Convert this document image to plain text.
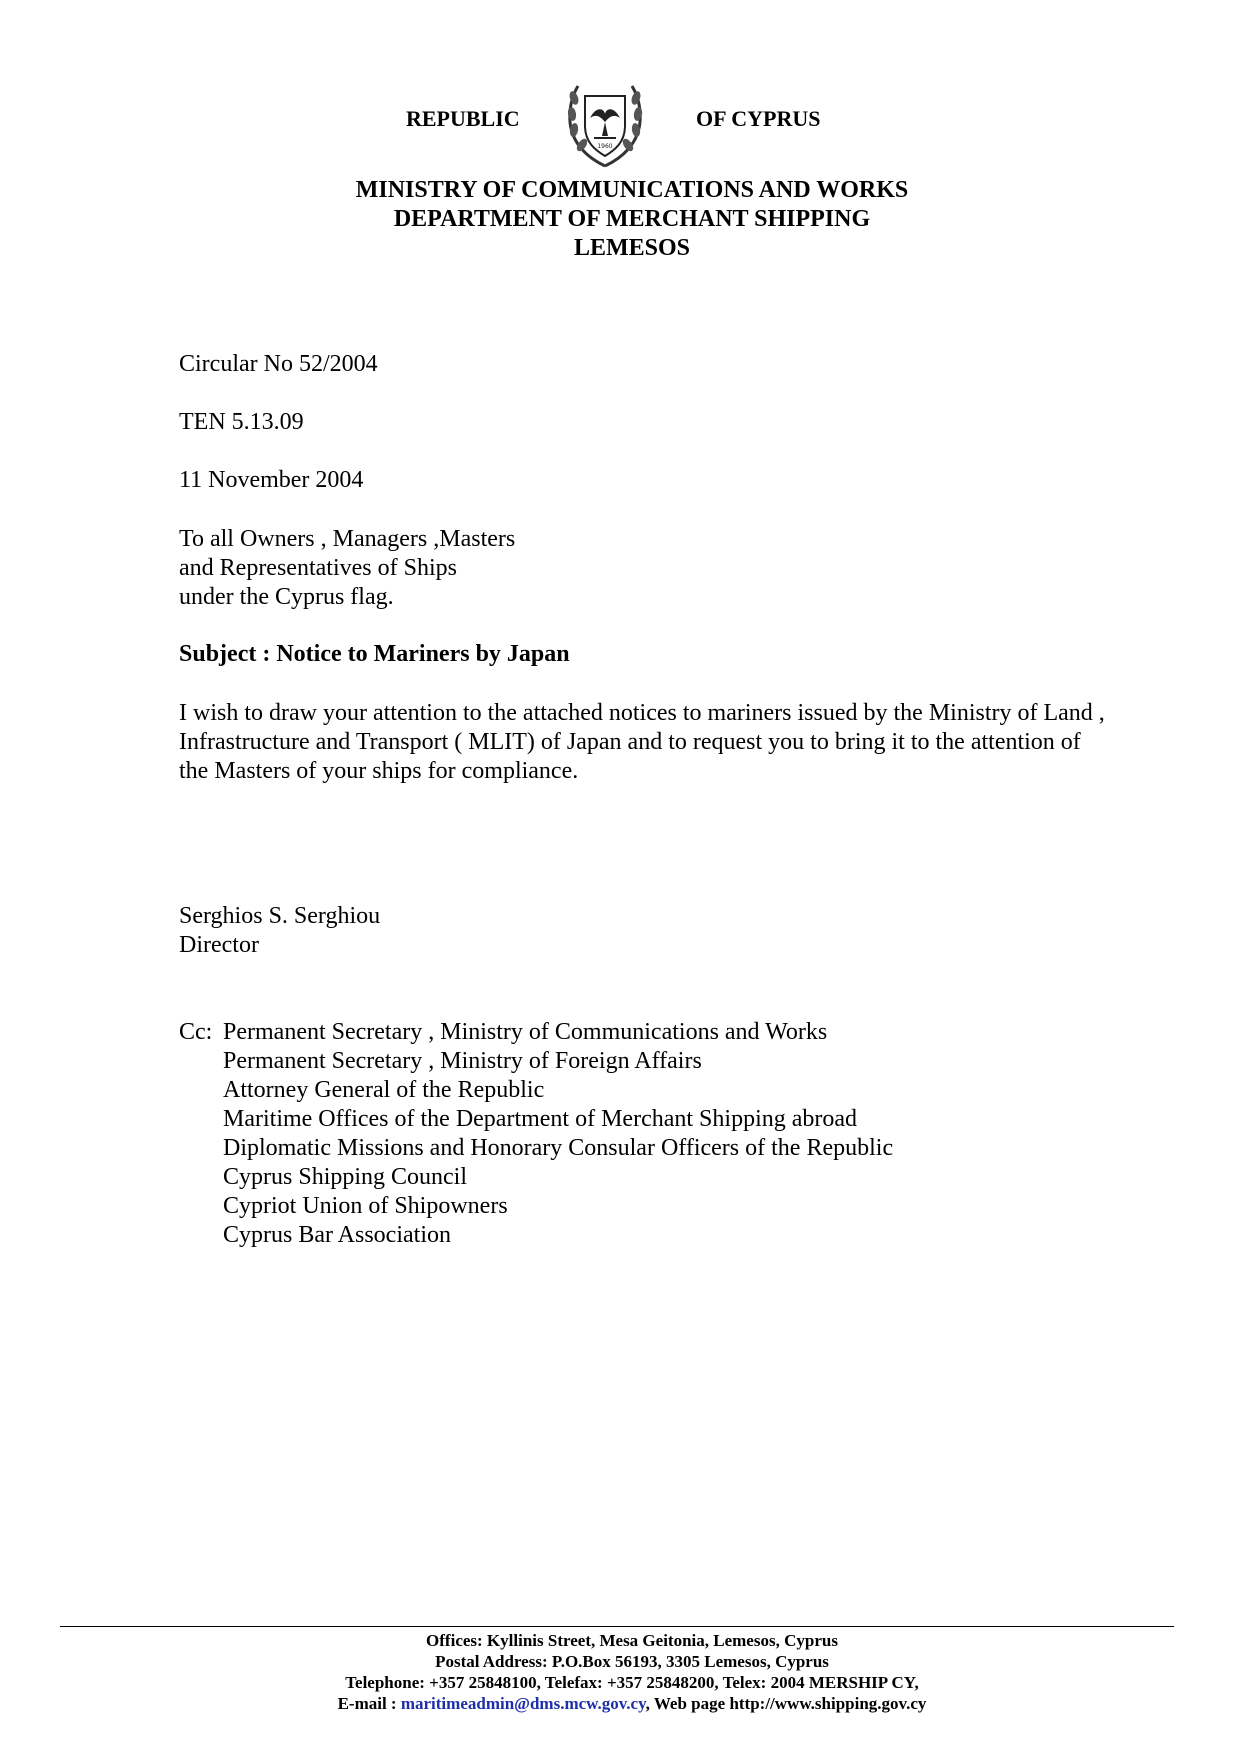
REPUBLIC
1960
OF CYPRUS
MINISTRY OF COMMUNICATIONS AND WORKS
DEPARTMENT OF MERCHANT SHIPPING
LEMESOS
Circular No 52/2004
TEN 5.13.09
11 November 2004
To all Owners , Managers ,Masters
and Representatives of Ships
under the Cyprus flag.
Subject : Notice to Mariners by Japan
I wish to draw your attention to the attached notices to mariners issued by the Ministry of Land , Infrastructure and Transport ( MLIT) of Japan and to request you to bring it to the attention of the Masters of your ships for compliance.
Serghios S. Serghiou
Director
Cc: Permanent Secretary , Ministry of Communications and Works
Permanent Secretary , Ministry of Foreign Affairs
Attorney General of the Republic
Maritime Offices of the Department of Merchant Shipping abroad
Diplomatic Missions and Honorary Consular Officers of the Republic
Cyprus Shipping Council
Cypriot Union of Shipowners
Cyprus Bar Association
Offices: Kyllinis Street, Mesa Geitonia, Lemesos, Cyprus
Postal Address: P.O.Box 56193, 3305 Lemesos, Cyprus
Telephone: +357 25848100, Telefax: +357 25848200, Telex: 2004 MERSHIP CY,
E-mail : maritimeadmin@dms.mcw.gov.cy, Web page http://www.shipping.gov.cy
